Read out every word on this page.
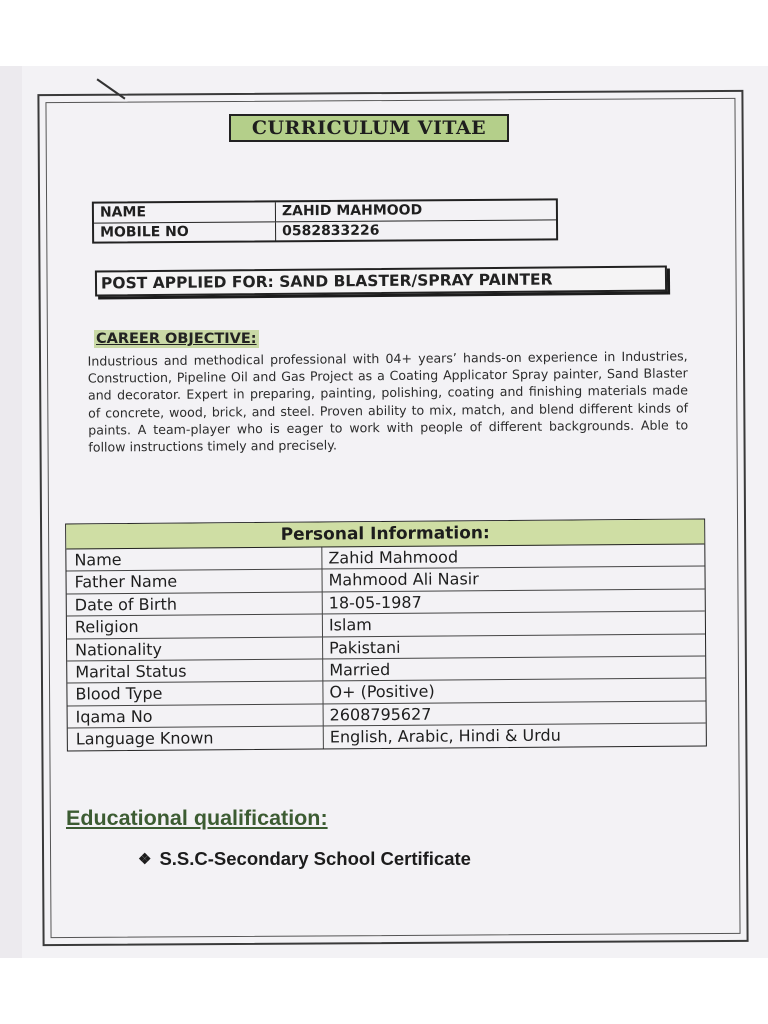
CURRICULUM VITAE
NAME	ZAHID MAHMOOD
MOBILE NO	0582833226
POST APPLIED FOR: SAND BLASTER/SPRAY PAINTER
CAREER OBJECTIVE:
Industrious and methodical professional with 04+ years’ hands-on experience in Industries, Construction, Pipeline Oil and Gas Project as a Coating Applicator Spray painter, Sand Blaster and decorator. Expert in preparing, painting, polishing, coating and finishing materials made of concrete, wood, brick, and steel. Proven ability to mix, match, and blend different kinds of paints. A team-player who is eager to work with people of different backgrounds. Able to follow instructions timely and precisely.
Personal Information:
Name	Zahid Mahmood
Father Name	Mahmood Ali Nasir
Date of Birth	18-05-1987
Religion	Islam
Nationality	Pakistani
Marital Status	Married
Blood Type	O+ (Positive)
Iqama No	2608795627
Language Known	English, Arabic, Hindi & Urdu
Educational qualification:
❖ S.S.C-Secondary School Certificate
